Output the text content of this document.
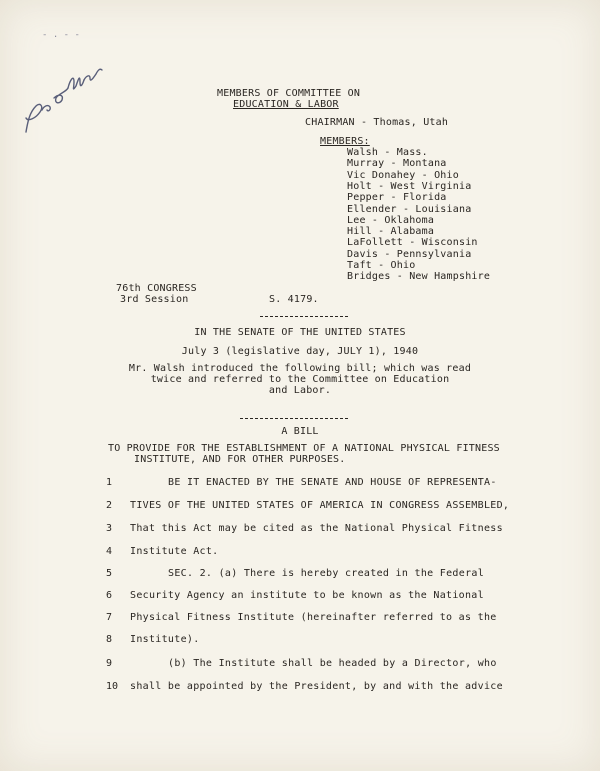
- . - -
MEMBERS OF COMMITTEE ON
EDUCATION & LABOR
CHAIRMAN - Thomas, Utah
MEMBERS:
Walsh - Mass.
Murray - Montana
Vic Donahey - Ohio
Holt - West Virginia
Pepper - Florida
Ellender - Louisiana
Lee - Oklahoma
Hill - Alabama
LaFollett - Wisconsin
Davis - Pennsylvania
Taft - Ohio
Bridges - New Hampshire
76th CONGRESS
3rd Session	S. 4179.
IN THE SENATE OF THE UNITED STATES
July 3 (legislative day, JULY 1), 1940
Mr. Walsh introduced the following bill; which was read
twice and referred to the Committee on Education
and Labor.
A BILL
TO PROVIDE FOR THE ESTABLISHMENT OF A NATIONAL PHYSICAL FITNESS
INSTITUTE, AND FOR OTHER PURPOSES.
1	BE IT ENACTED BY THE SENATE AND HOUSE OF REPRESENTA-
2	TIVES OF THE UNITED STATES OF AMERICA IN CONGRESS ASSEMBLED,
3	That this Act may be cited as the National Physical Fitness
4	Institute Act.
5	SEC. 2. (a) There is hereby created in the Federal
6	Security Agency an institute to be known as the National
7	Physical Fitness Institute (hereinafter referred to as the
8	Institute).
9	(b) The Institute shall be headed by a Director, who
10	shall be appointed by the President, by and with the advice
